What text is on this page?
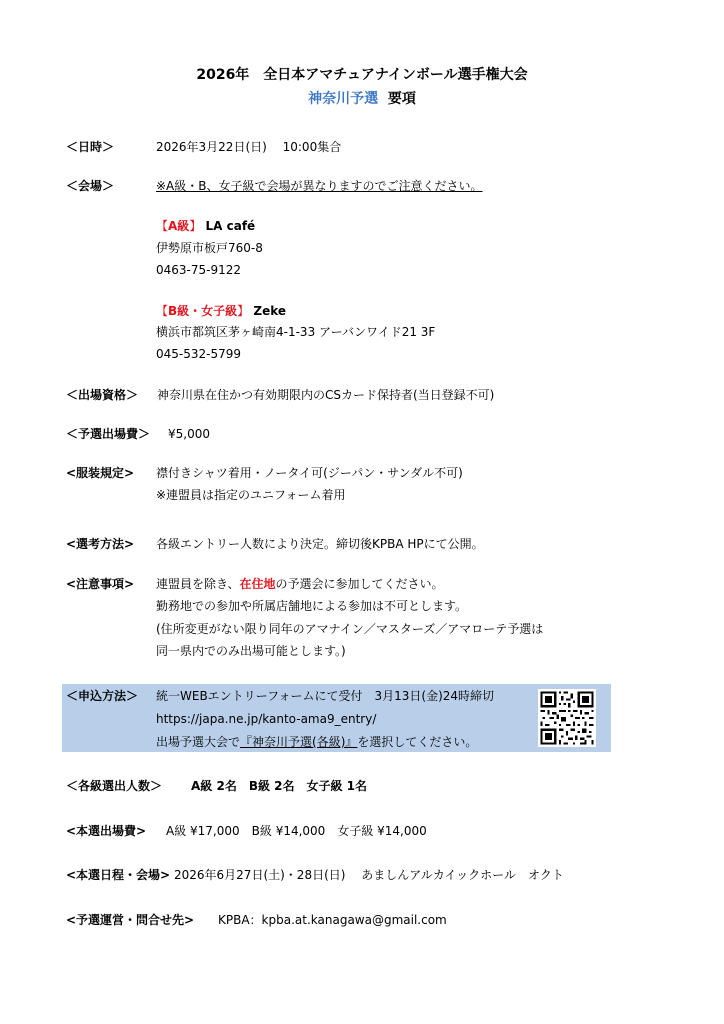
2026年　全日本アマチュアナインボール選手権大会
神奈川予選 要項
＜日時＞	2026年3月22日(日)　 10:00集合
＜会場＞	※A級・B、女子級で会場が異なりますのでご注意ください。
【A級】 LA café
伊勢原市板戸760-8
0463-75-9122
【B級・女子級】 Zeke
横浜市都筑区茅ヶ崎南4-1-33 アーバンワイド21 3F
045-532-5799
＜出場資格＞ 神奈川県在住かつ有効期限内のCSカード保持者(当日登録不可)
＜予選出場費＞ ¥5,000
<服装規定> 襟付きシャツ着用・ノータイ可(ジーパン・サンダル不可)
※連盟員は指定のユニフォーム着用
<選考方法> 各級エントリー人数により決定。締切後KPBA HPにて公開。
<注意事項> 連盟員を除き、在住地の予選会に参加してください。
勤務地での参加や所属店舗地による参加は不可とします。
(住所変更がない限り同年のアマナイン／マスターズ／アマローテ予選は
同一県内でのみ出場可能とします。)
＜申込方法＞ 統一WEBエントリーフォームにて受付　3月13日(金)24時締切
https://japa.ne.jp/kanto-ama9_entry/
出場予選大会で『神奈川予選(各級)』を選択してください。
＜各級選出人数＞ A級 2名　B級 2名　女子級 1名
<本選出場費> A級 ¥17,000　B級 ¥14,000　女子級 ¥14,000
<本選日程・会場> 2026年6月27日(土)・28日(日)　 あましんアルカイックホール　オクト
<予選運営・問合せ先> KPBA：kpba.at.kanagawa@gmail.com
